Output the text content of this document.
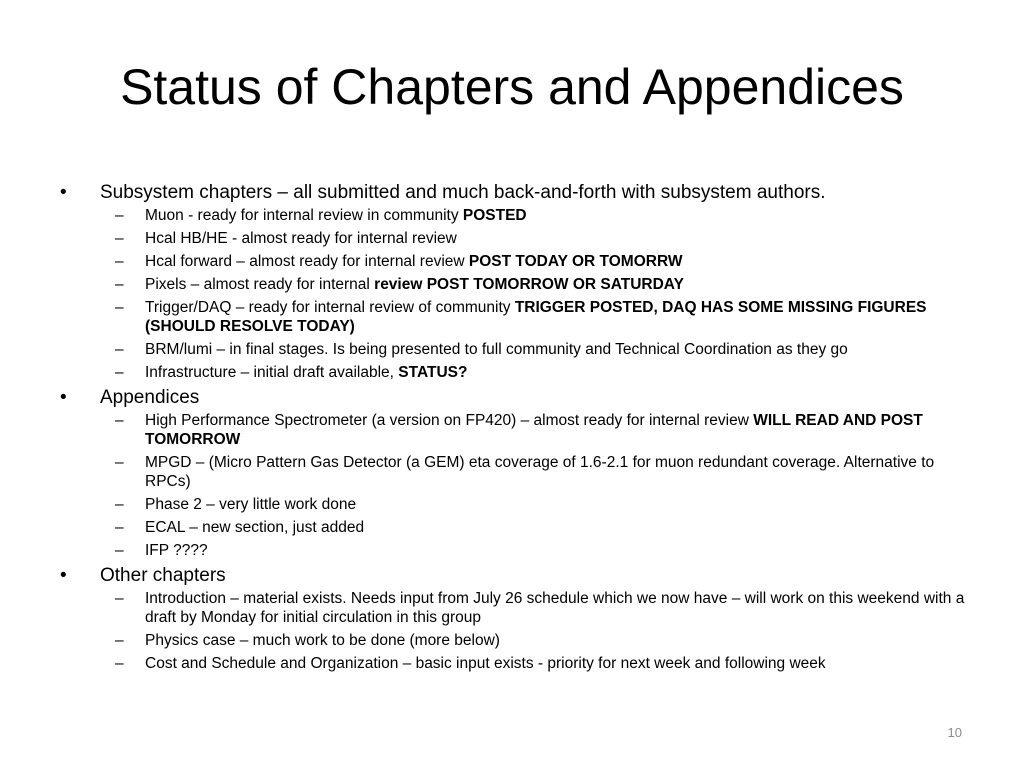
Status of Chapters and Appendices
• Subsystem chapters – all submitted and much back-and-forth with subsystem authors.
– Muon - ready for internal review in community POSTED
– Hcal HB/HE - almost ready for internal review
– Hcal forward – almost ready for internal review POST TODAY OR TOMORRW
– Pixels – almost ready for internal review POST TOMORROW OR SATURDAY
– Trigger/DAQ – ready for internal review of community TRIGGER POSTED, DAQ HAS SOME MISSING FIGURES (SHOULD RESOLVE TODAY)
– BRM/lumi – in final stages. Is being presented to full community and Technical Coordination as they go
– Infrastructure – initial draft available, STATUS?
• Appendices
– High Performance Spectrometer (a version on FP420) – almost ready for internal review WILL READ AND POST TOMORROW
– MPGD – (Micro Pattern Gas Detector (a GEM) eta coverage of 1.6-2.1 for muon redundant coverage. Alternative to RPCs)
– Phase 2 – very little work done
– ECAL – new section, just added
– IFP ????
• Other chapters
– Introduction – material exists. Needs input from July 26 schedule which we now have – will work on this weekend with a draft by Monday for initial circulation in this group
– Physics case – much work to be done (more below)
– Cost and Schedule and Organization – basic input exists - priority for next week and following week
10
